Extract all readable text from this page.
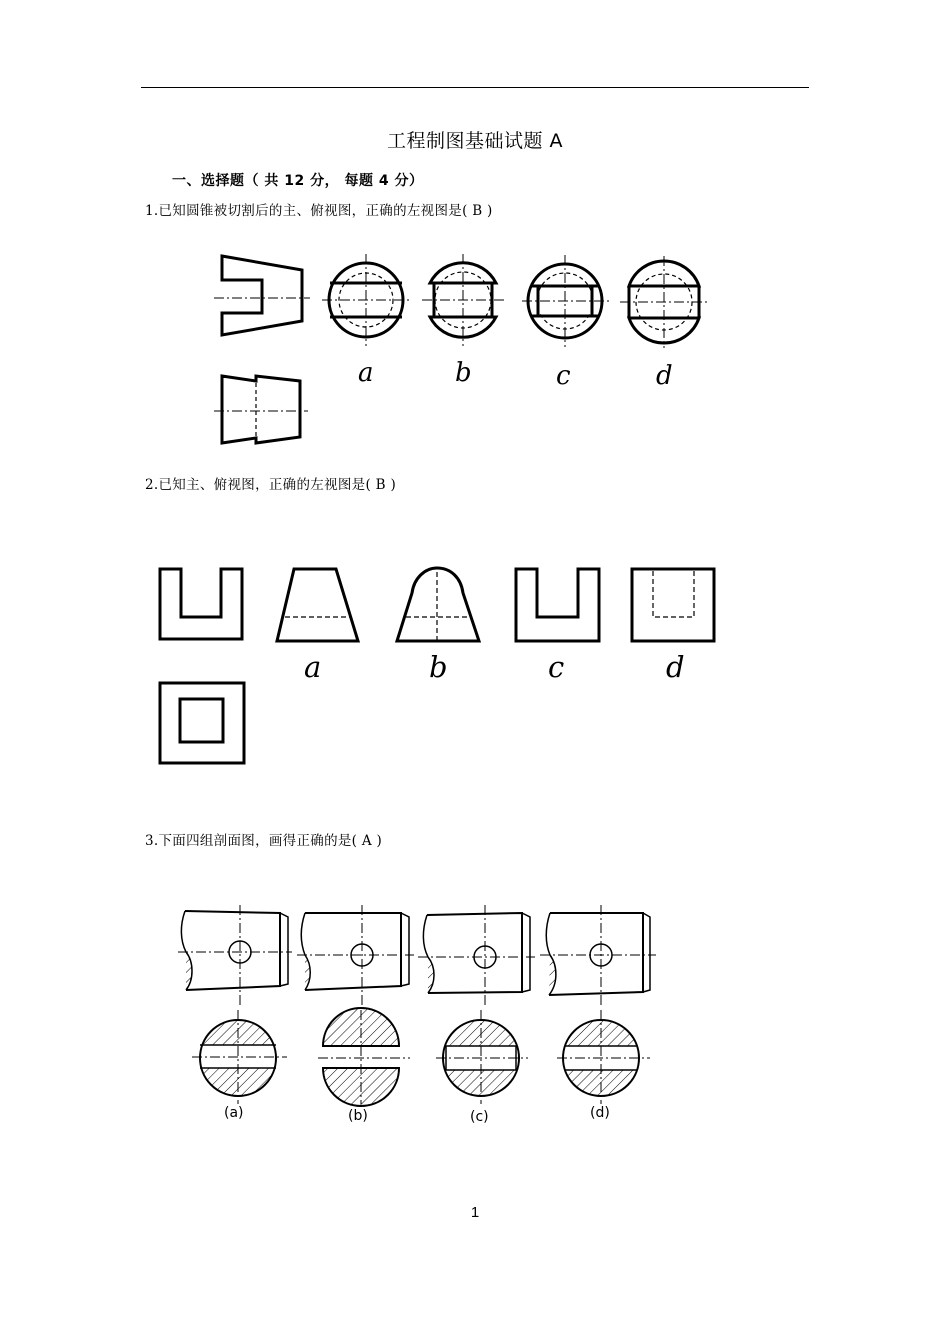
工程制图基础试题 A
一、选择题（ 共 12 分， 每题 4 分）
1.已知圆锥被切割后的主、俯视图，正确的左视图是( B )
2.已知主、俯视图，正确的左视图是( B )
3.下面四组剖面图，画得正确的是( A )
a	b	c	d
a	b	c	d
(a)	(b)	(c)	(d)
1
